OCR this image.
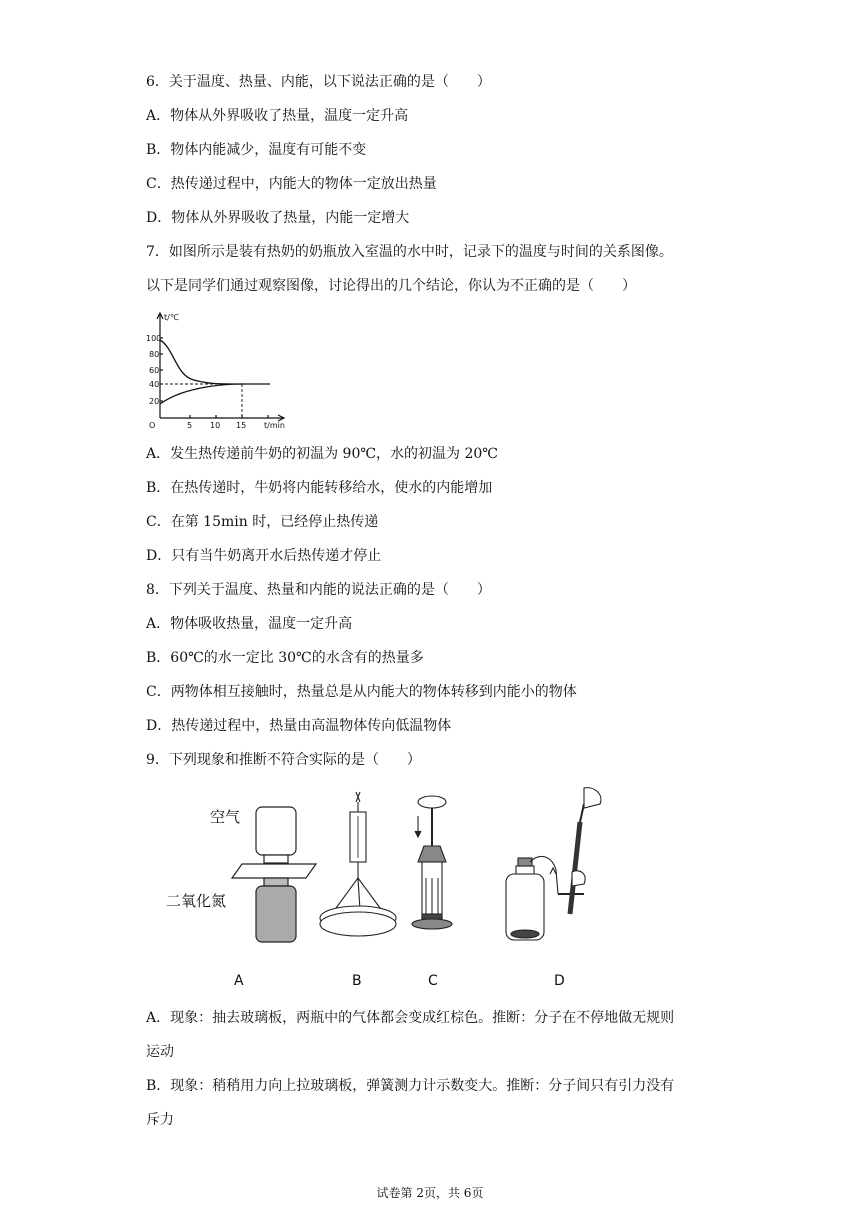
6．关于温度、热量、内能，以下说法正确的是（　　）
A．物体从外界吸收了热量，温度一定升高
B．物体内能减少，温度有可能不变
C．热传递过程中，内能大的物体一定放出热量
D．物体从外界吸收了热量，内能一定增大
7．如图所示是装有热奶的奶瓶放入室温的水中时，记录下的温度与时间的关系图像。
以下是同学们通过观察图像，讨论得出的几个结论，你认为不正确的是（　　）
t/℃
t/min
O
100
80
60
40
20
5 10 15
A．发生热传递前牛奶的初温为 90℃，水的初温为 20℃
B．在热传递时，牛奶将内能转移给水，使水的内能增加
C．在第 15min 时，已经停止热传递
D．只有当牛奶离开水后热传递才停止
8．下列关于温度、热量和内能的说法正确的是（　　）
A．物体吸收热量，温度一定升高
B．60℃的水一定比 30℃的水含有的热量多
C．两物体相互接触时，热量总是从内能大的物体转移到内能小的物体
D．热传递过程中，热量由高温物体传向低温物体
9．下列现象和推断不符合实际的是（　　）
空气
二氧化氮
A	B	C	D
A．现象：抽去玻璃板，两瓶中的气体都会变成红棕色。推断：分子在不停地做无规则
运动
B．现象：稍稍用力向上拉玻璃板，弹簧测力计示数变大。推断：分子间只有引力没有
斥力
试卷第 2页，共 6页
